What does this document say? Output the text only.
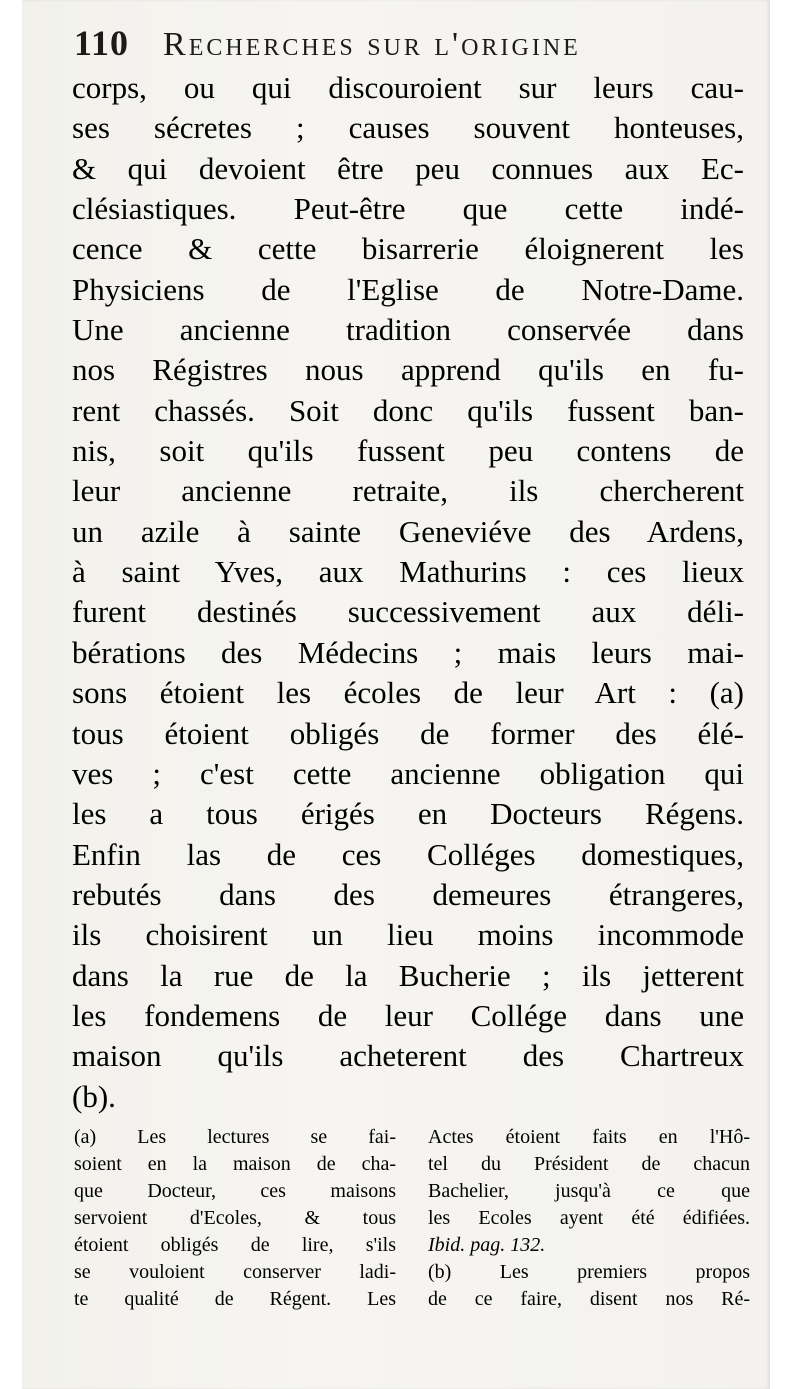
110 Recherches sur l'origine
corps, ou qui discouroient sur leurs cau-
ses sécretes ; causes souvent honteuses,
& qui devoient être peu connues aux Ec-
clésiastiques. Peut-être que cette indé-
cence & cette bisarrerie éloignerent les
Physiciens de l'Eglise de Notre-Dame.
Une ancienne tradition conservée dans
nos Régistres nous apprend qu'ils en fu-
rent chassés. Soit donc qu'ils fussent ban-
nis, soit qu'ils fussent peu contens de
leur ancienne retraite, ils chercherent
un azile à sainte Geneviéve des Ardens,
à saint Yves, aux Mathurins : ces lieux
furent destinés successivement aux déli-
bérations des Médecins ; mais leurs mai-
sons étoient les écoles de leur Art : (a)
tous étoient obligés de former des élé-
ves ; c'est cette ancienne obligation qui
les a tous érigés en Docteurs Régens.
Enfin las de ces Colléges domestiques,
rebutés dans des demeures étrangeres,
ils choisirent un lieu moins incommode
dans la rue de la Bucherie ; ils jetterent
les fondemens de leur Collége dans une
maison qu'ils acheterent des Chartreux
(b).
(a) Les lectures se fai-
soient en la maison de cha-
que Docteur, ces maisons
servoient d'Ecoles, & tous
étoient obligés de lire, s'ils
se vouloient conserver ladi-
te qualité de Régent. Les
Actes étoient faits en l'Hô-
tel du Président de chacun
Bachelier, jusqu'à ce que
les Ecoles ayent été édifiées.
Ibid. pag. 132.
(b) Les premiers propos
de ce faire, disent nos Ré-
